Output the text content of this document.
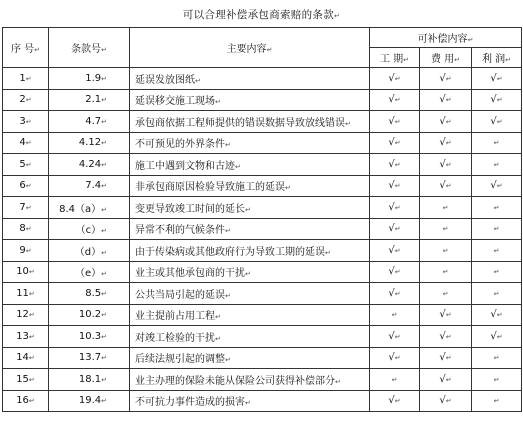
可以合理补偿承包商索赔的条款↵
序 号↵	条款号↵	主要内容↵	可补偿内容↵		
			工 期↵	费 用↵	利 润↵
1↵	1.9↵	延误发放图纸↵	√↵	√↵	√↵
2↵	2.1↵	延误移交施工现场↵	√↵	√↵	√↵
3↵	4.7↵	承包商依据工程师提供的错误数据导致放线错误↵	√↵	√↵	√↵
4↵	4.12↵	不可预见的外界条件↵	√↵	√↵	↵
5↵	4.24↵	施工中遇到文物和古迹↵	√↵	√↵	↵
6↵	7.4↵	非承包商原因检验导致施工的延误↵	√↵	√↵	√↵
7↵	8.4（a）↵	变更导致竣工时间的延长↵	√↵	↵	↵
8↵	（c）↵	异常不利的气候条件↵	√↵	↵	↵
9↵	（d）↵	由于传染病或其他政府行为导致工期的延误↵	√↵	↵	↵
10↵	（e）↵	业主或其他承包商的干扰↵	√↵	↵	↵
11↵	8.5↵	公共当局引起的延误↵	√↵	↵	↵
12↵	10.2↵	业主提前占用工程↵	↵	√↵	√↵
13↵	10.3↵	对竣工检验的干扰↵	√↵	√↵	√↵
14↵	13.7↵	后续法规引起的调整↵	√↵	√↵	↵
15↵	18.1↵	业主办理的保险未能从保险公司获得补偿部分↵	↵	√↵	↵
16↵	19.4↵	不可抗力事件造成的损害↵	√↵	√↵	↵
